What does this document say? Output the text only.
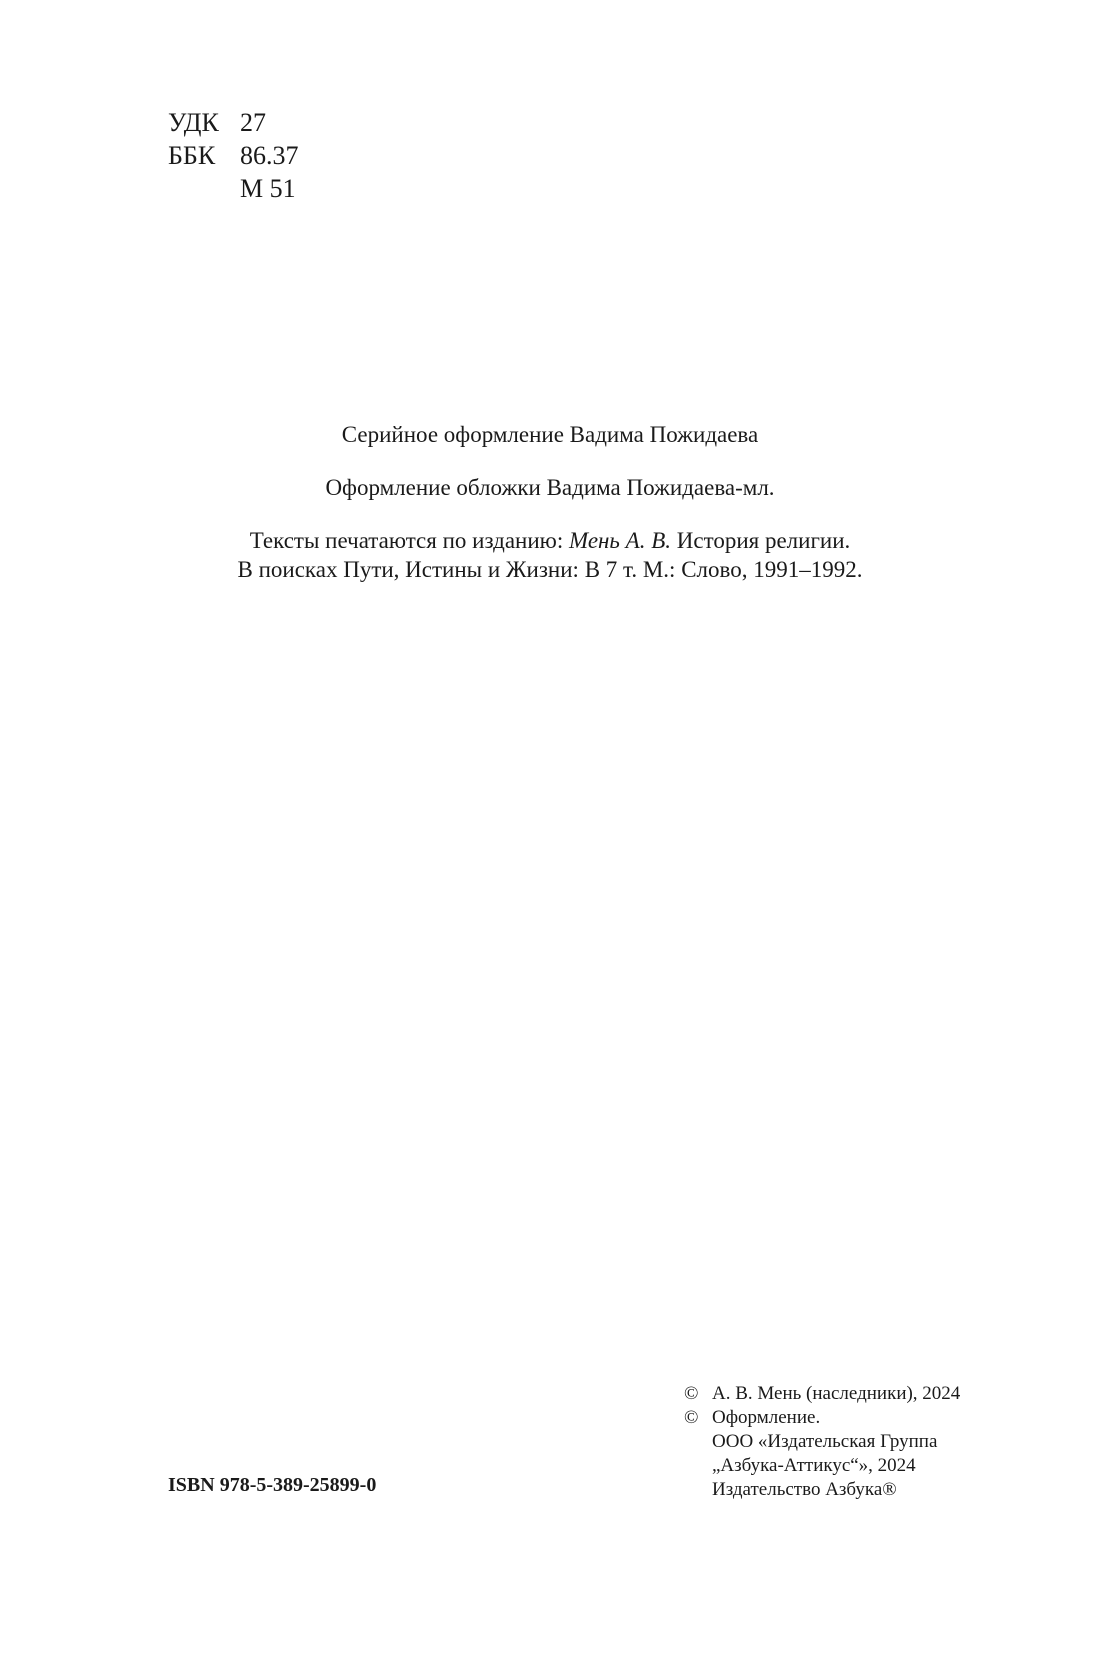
УДК 27
ББК 86.37
М 51

Серийное оформление Вадима Пожидаева

Оформление обложки Вадима Пожидаева-мл.

Тексты печатаются по изданию: Мень А. В. История религии.
В поисках Пути, Истины и Жизни: В 7 т. М.: Слово, 1991–1992.

ISBN 978-5-389-25899-0
© А. В. Мень (наследники), 2024
© Оформление.
ООО «Издательская Группа
„Азбука-Аттикус“», 2024
Издательство Азбука®
